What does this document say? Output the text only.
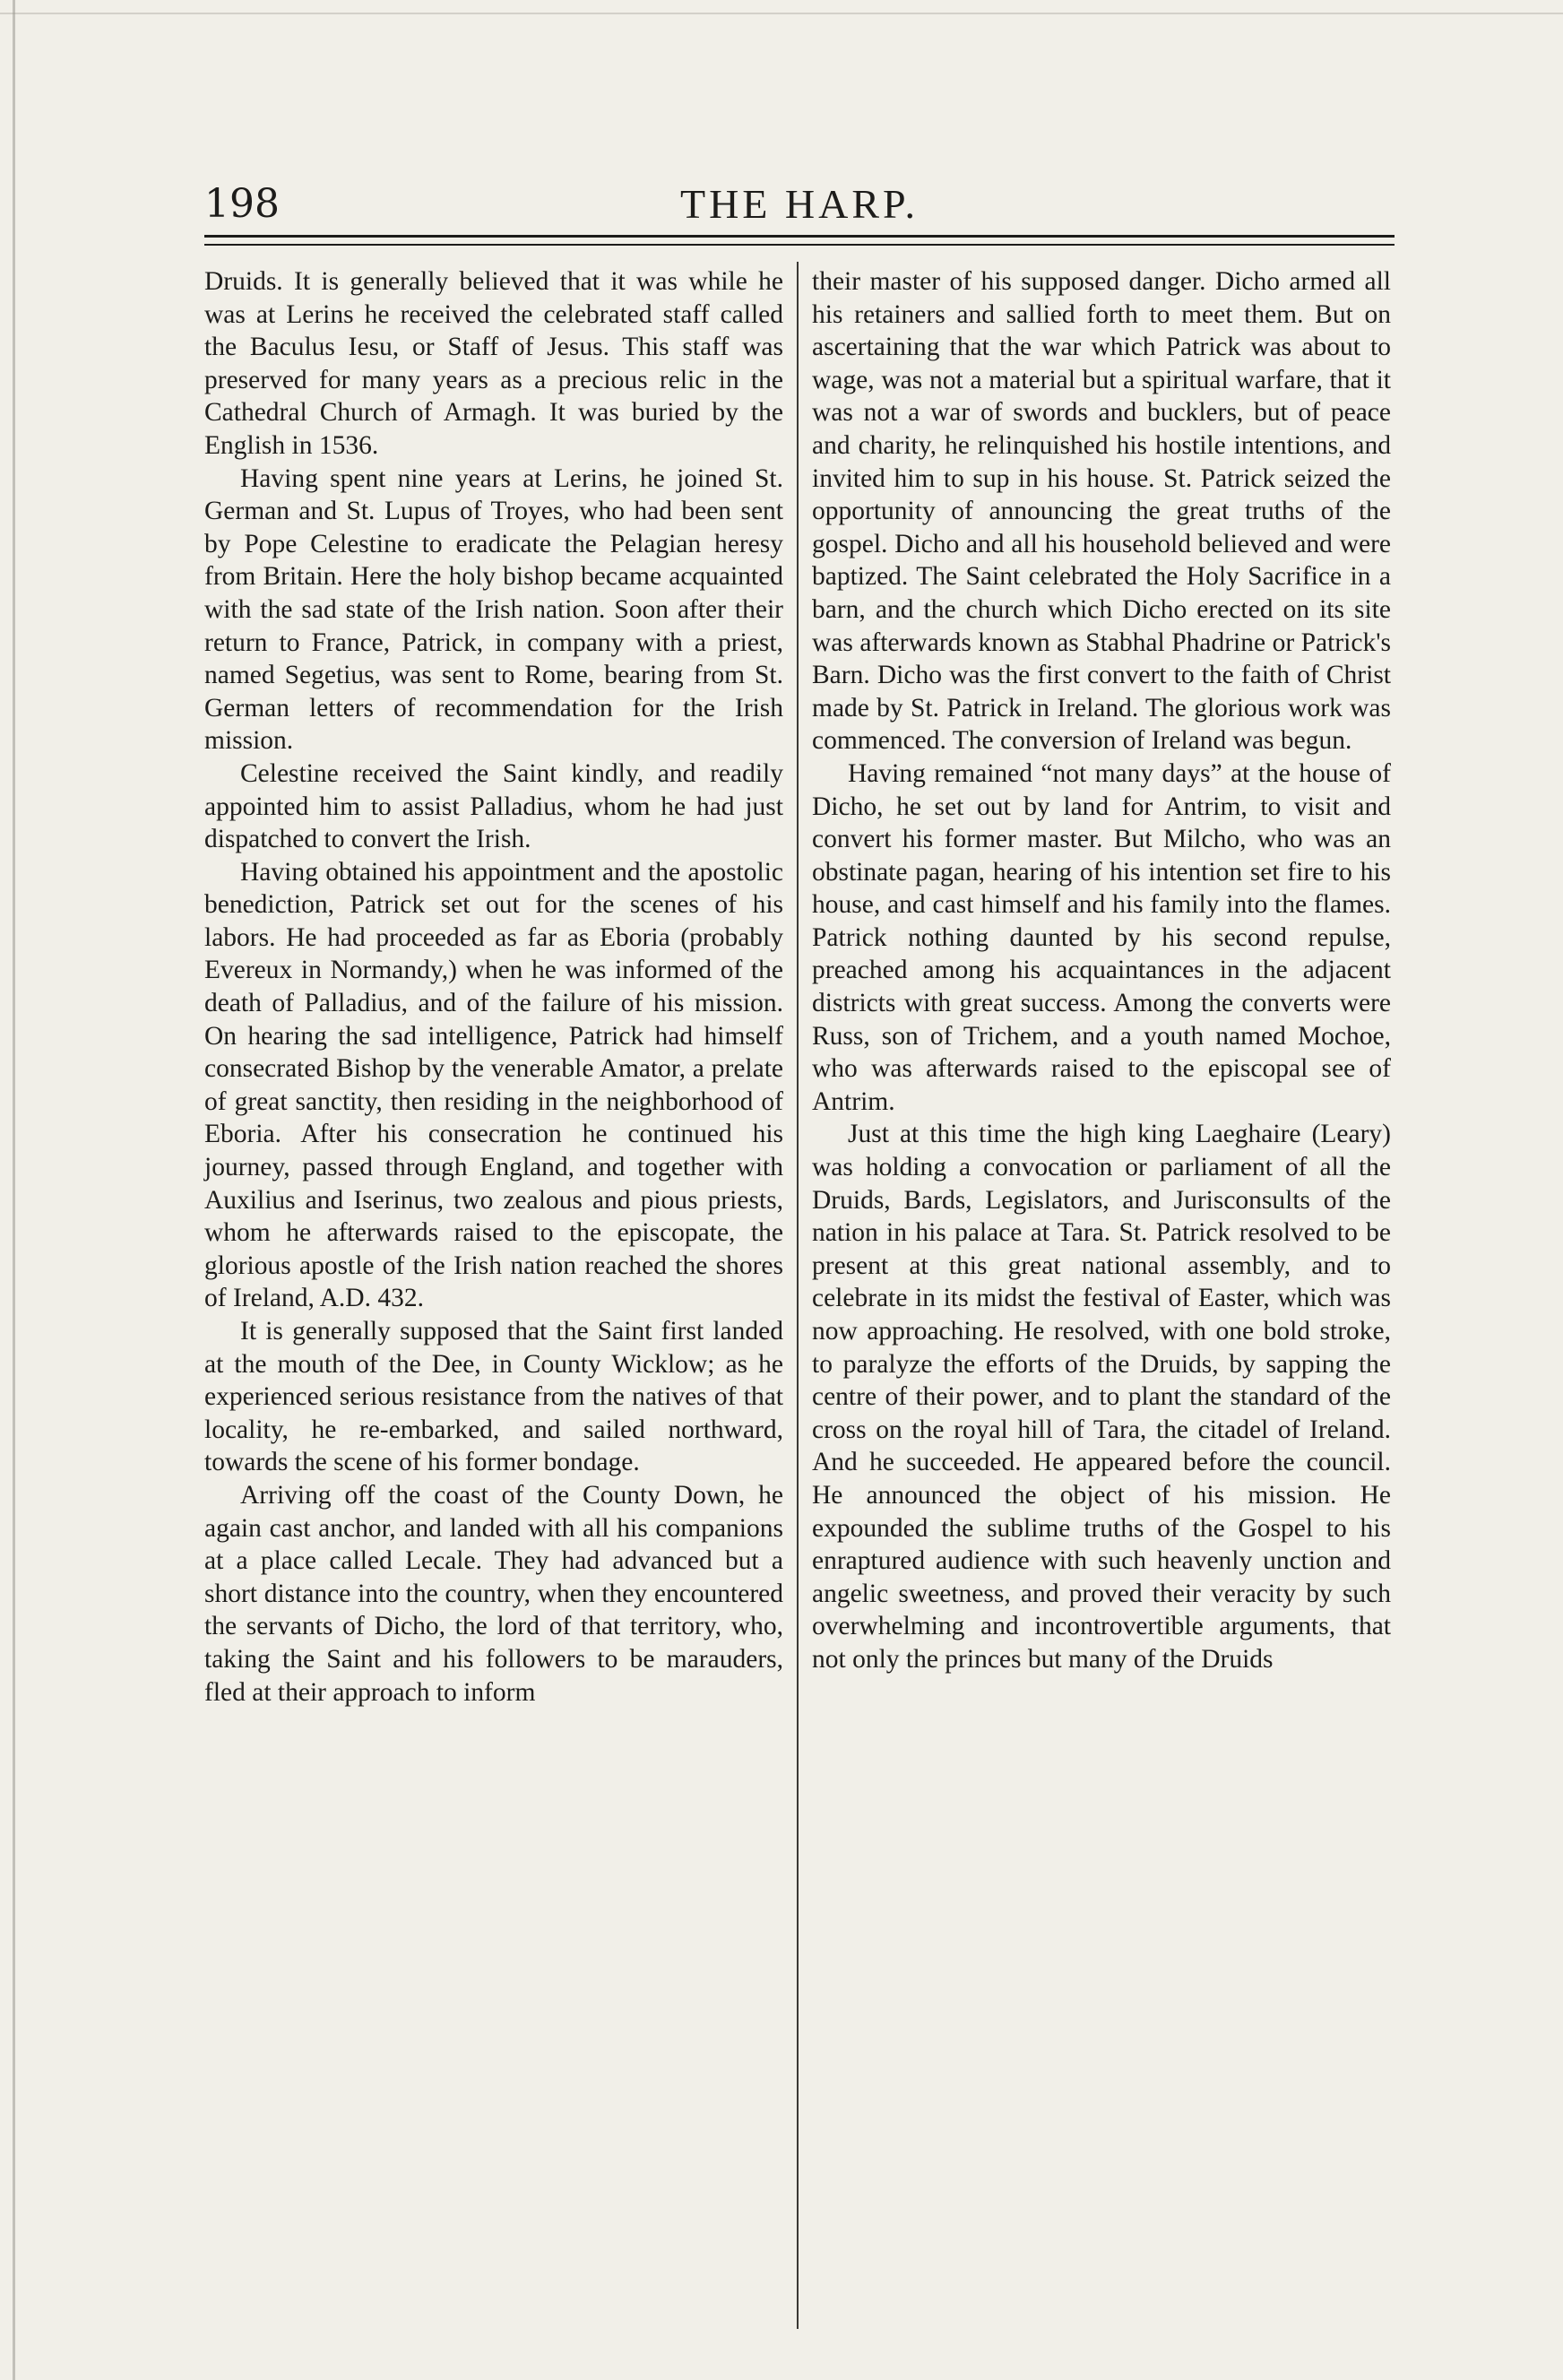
198	THE HARP.

Druids. It is generally believed that it was while he was at Lerins he received the celebrated staff called the Baculus Iesu, or Staff of Jesus. This staff was preserved for many years as a precious relic in the Cathedral Church of Armagh. It was buried by the English in 1536.

Having spent nine years at Lerins, he joined St. German and St. Lupus of Troyes, who had been sent by Pope Celestine to eradicate the Pelagian heresy from Britain. Here the holy bishop became acquainted with the sad state of the Irish nation. Soon after their return to France, Patrick, in company with a priest, named Segetius, was sent to Rome, bearing from St. German letters of recommendation for the Irish mission.

Celestine received the Saint kindly, and readily appointed him to assist Palladius, whom he had just dispatched to convert the Irish.

Having obtained his appointment and the apostolic benediction, Patrick set out for the scenes of his labors. He had proceeded as far as Eboria (probably Evereux in Normandy,) when he was informed of the death of Palladius, and of the failure of his mission. On hearing the sad intelligence, Patrick had himself consecrated Bishop by the venerable Amator, a prelate of great sanctity, then residing in the neighborhood of Eboria. After his consecration he continued his journey, passed through England, and together with Auxilius and Iserinus, two zealous and pious priests, whom he afterwards raised to the episcopate, the glorious apostle of the Irish nation reached the shores of Ireland, A.D. 432.

It is generally supposed that the Saint first landed at the mouth of the Dee, in County Wicklow; as he experienced serious resistance from the natives of that locality, he re-embarked, and sailed northward, towards the scene of his former bondage.

Arriving off the coast of the County Down, he again cast anchor, and landed with all his companions at a place called Lecale. They had advanced but a short distance into the country, when they encountered the servants of Dicho, the lord of that territory, who, taking the Saint and his followers to be marauders, fled at their approach to inform

their master of his supposed danger. Dicho armed all his retainers and sallied forth to meet them. But on ascertaining that the war which Patrick was about to wage, was not a material but a spiritual warfare, that it was not a war of swords and bucklers, but of peace and charity, he relinquished his hostile intentions, and invited him to sup in his house. St. Patrick seized the opportunity of announcing the great truths of the gospel. Dicho and all his household believed and were baptized. The Saint celebrated the Holy Sacrifice in a barn, and the church which Dicho erected on its site was afterwards known as Stabhal Phadrine or Patrick's Barn. Dicho was the first convert to the faith of Christ made by St. Patrick in Ireland. The glorious work was commenced. The conversion of Ireland was begun.

Having remained “not many days” at the house of Dicho, he set out by land for Antrim, to visit and convert his former master. But Milcho, who was an obstinate pagan, hearing of his intention set fire to his house, and cast himself and his family into the flames. Patrick nothing daunted by his second repulse, preached among his acquaintances in the adjacent districts with great success. Among the converts were Russ, son of Trichem, and a youth named Mochoe, who was afterwards raised to the episcopal see of Antrim.

Just at this time the high king Laeghaire (Leary) was holding a convocation or parliament of all the Druids, Bards, Legislators, and Jurisconsults of the nation in his palace at Tara. St. Patrick resolved to be present at this great national assembly, and to celebrate in its midst the festival of Easter, which was now approaching. He resolved, with one bold stroke, to paralyze the efforts of the Druids, by sapping the centre of their power, and to plant the standard of the cross on the royal hill of Tara, the citadel of Ireland. And he succeeded. He appeared before the council. He announced the object of his mission. He expounded the sublime truths of the Gospel to his enraptured audience with such heavenly unction and angelic sweetness, and proved their veracity by such overwhelming and incontrovertible arguments, that not only the princes but many of the Druids
